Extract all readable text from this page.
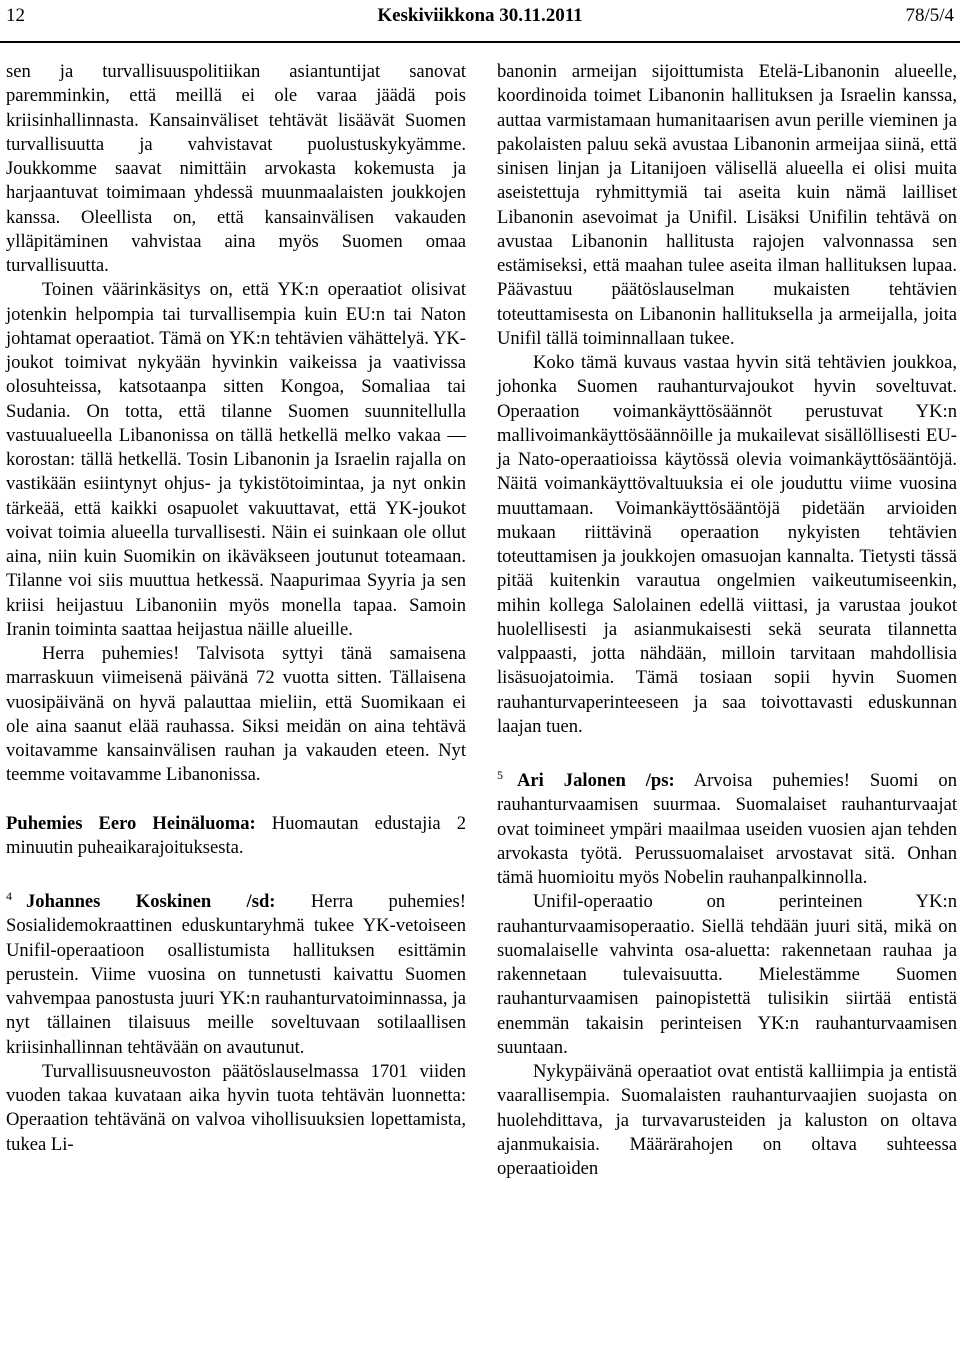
12	Keskiviikkona 30.11.2011	78/5/4

sen ja turvallisuuspolitiikan asiantuntijat sanovat paremminkin, että meillä ei ole varaa jäädä pois kriisinhallinnasta. Kansainväliset tehtävät lisäävät Suomen turvallisuutta ja vahvistavat puolustuskykyämme. Joukkomme saavat nimittäin arvokasta kokemusta ja harjaantuvat toimimaan yhdessä muunmaalaisten joukkojen kanssa. Oleellista on, että kansainvälisen vakauden ylläpitäminen vahvistaa aina myös Suomen omaa turvallisuutta.

Toinen väärinkäsitys on, että YK:n operaatiot olisivat jotenkin helpompia tai turvallisempia kuin EU:n tai Naton johtamat operaatiot. Tämä on YK:n tehtävien vähättelyä. YK-joukot toimivat nykyään hyvinkin vaikeissa ja vaativissa olosuhteissa, katsotaanpa sitten Kongoa, Somaliaa tai Sudania. On totta, että tilanne Suomen suunnitellulla vastuualueella Libanonissa on tällä hetkellä melko vakaa — korostan: tällä hetkellä. Tosin Libanonin ja Israelin rajalla on vastikään esiintynyt ohjus- ja tykistötoimintaa, ja nyt onkin tärkeää, että kaikki osapuolet vakuuttavat, että YK-joukot voivat toimia alueella turvallisesti. Näin ei suinkaan ole ollut aina, niin kuin Suomikin on ikäväkseen joutunut toteamaan. Tilanne voi siis muuttua hetkessä. Naapurimaa Syyria ja sen kriisi heijastuu Libanoniin myös monella tapaa. Samoin Iranin toiminta saattaa heijastua näille alueille.

Herra puhemies! Talvisota syttyi tänä samaisena marraskuun viimeisenä päivänä 72 vuotta sitten. Tällaisena vuosipäivänä on hyvä palauttaa mieliin, että Suomikaan ei ole aina saanut elää rauhassa. Siksi meidän on aina tehtävä voitavamme kansainvälisen rauhan ja vakauden eteen. Nyt teemme voitavamme Libanonissa.

Puhemies Eero Heinäluoma: Huomautan edustajia 2 minuutin puheaikarajoituksesta.

$^4$ Johannes Koskinen /sd: Herra puhemies! Sosialidemokraattinen eduskuntaryhmä tukee YK-vetoiseen Unifil-operaatioon osallistumista hallituksen esittämin perustein. Viime vuosina on tunnetusti kaivattu Suomen vahvempaa panostusta juuri YK:n rauhanturvatoiminnassa, ja nyt tällainen tilaisuus meille soveltuvaan sotilaallisen kriisinhallinnan tehtävään on avautunut.

Turvallisuusneuvoston päätöslauselmassa 1701 viiden vuoden takaa kuvataan aika hyvin tuota tehtävän luonnetta: Operaation tehtävänä on valvoa vihollisuuksien lopettamista, tukea Li-

banonin armeijan sijoittumista Etelä-Libanonin alueelle, koordinoida toimet Libanonin hallituksen ja Israelin kanssa, auttaa varmistamaan humanitaarisen avun perille vieminen ja pakolaisten paluu sekä avustaa Libanonin armeijaa siinä, että sinisen linjan ja Litanijoen välisellä alueella ei olisi muita aseistettuja ryhmittymiä tai aseita kuin nämä lailliset Libanonin asevoimat ja Unifil. Lisäksi Unifilin tehtävä on avustaa Libanonin hallitusta rajojen valvonnassa sen estämiseksi, että maahan tulee aseita ilman hallituksen lupaa. Päävastuu päätöslauselman mukaisten tehtävien toteuttamisesta on Libanonin hallituksella ja armeijalla, joita Unifil tällä toiminnallaan tukee.

Koko tämä kuvaus vastaa hyvin sitä tehtävien joukkoa, johonka Suomen rauhanturvajoukot hyvin soveltuvat. Operaation voimankäyttösäännöt perustuvat YK:n mallivoimankäyttösäännöille ja mukailevat sisällöllisesti EU- ja Nato-operaatioissa käytössä olevia voimankäyttösääntöjä. Näitä voimankäyttövaltuuksia ei ole jouduttu viime vuosina muuttamaan. Voimankäyttösääntöjä pidetään arvioiden mukaan riittävinä operaation nykyisten tehtävien toteuttamisen ja joukkojen omasuojan kannalta. Tietysti tässä pitää kuitenkin varautua ongelmien vaikeutumiseenkin, mihin kollega Salolainen edellä viittasi, ja varustaa joukot huolellisesti ja asianmukaisesti sekä seurata tilannetta valppaasti, jotta nähdään, milloin tarvitaan mahdollisia lisäsuojatoimia. Tämä tosiaan sopii hyvin Suomen rauhanturvaperinteeseen ja saa toivottavasti eduskunnan laajan tuen.

$^5$ Ari Jalonen /ps: Arvoisa puhemies! Suomi on rauhanturvaamisen suurmaa. Suomalaiset rauhanturvaajat ovat toimineet ympäri maailmaa useiden vuosien ajan tehden arvokasta työtä. Perussuomalaiset arvostavat sitä. Onhan tämä huomioitu myös Nobelin rauhanpalkinnolla.

Unifil-operaatio on perinteinen YK:n rauhanturvaamisoperaatio. Siellä tehdään juuri sitä, mikä on suomalaiselle vahvinta osa-aluetta: rakennetaan rauhaa ja rakennetaan tulevaisuutta. Mielestämme Suomen rauhanturvaamisen painopistettä tulisikin siirtää entistä enemmän takaisin perinteisen YK:n rauhanturvaamisen suuntaan.

Nykypäivänä operaatiot ovat entistä kalliimpia ja entistä vaarallisempia. Suomalaisten rauhanturvaajien suojasta on huolehdittava, ja turvavarusteiden ja kaluston on oltava ajanmukaisia. Määrärahojen on oltava suhteessa operaatioiden
